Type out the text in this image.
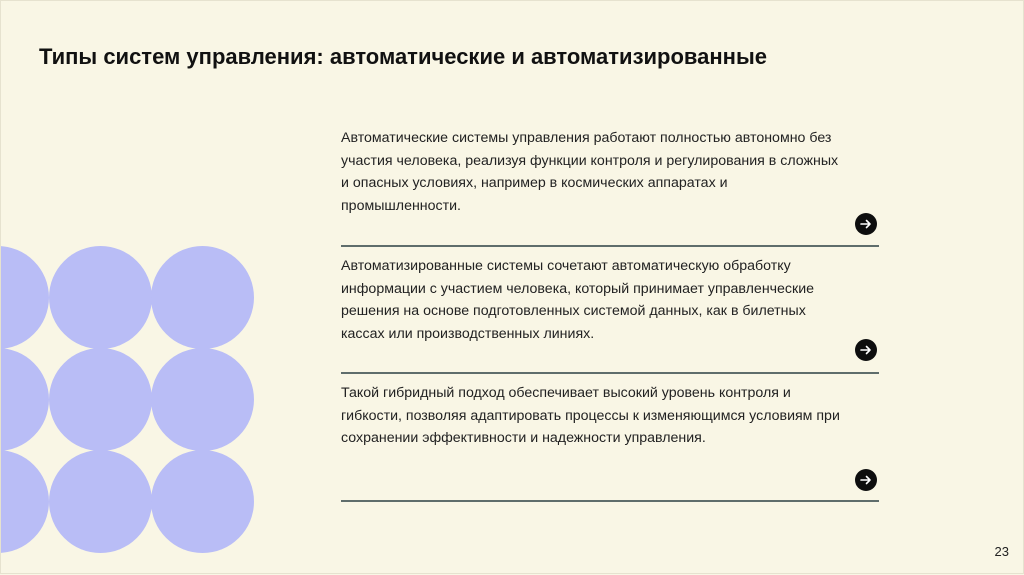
Типы систем управления: автоматические и автоматизированные

Автоматические системы управления работают полностью автономно без участия человека, реализуя функции контроля и регулирования в сложных и опасных условиях, например в космических аппаратах и промышленности.

Автоматизированные системы сочетают автоматическую обработку информации с участием человека, который принимает управленческие решения на основе подготовленных системой данных, как в билетных кассах или производственных линиях.

Такой гибридный подход обеспечивает высокий уровень контроля и гибкости, позволяя адаптировать процессы к изменяющимся условиям при сохранении эффективности и надежности управления.

23
